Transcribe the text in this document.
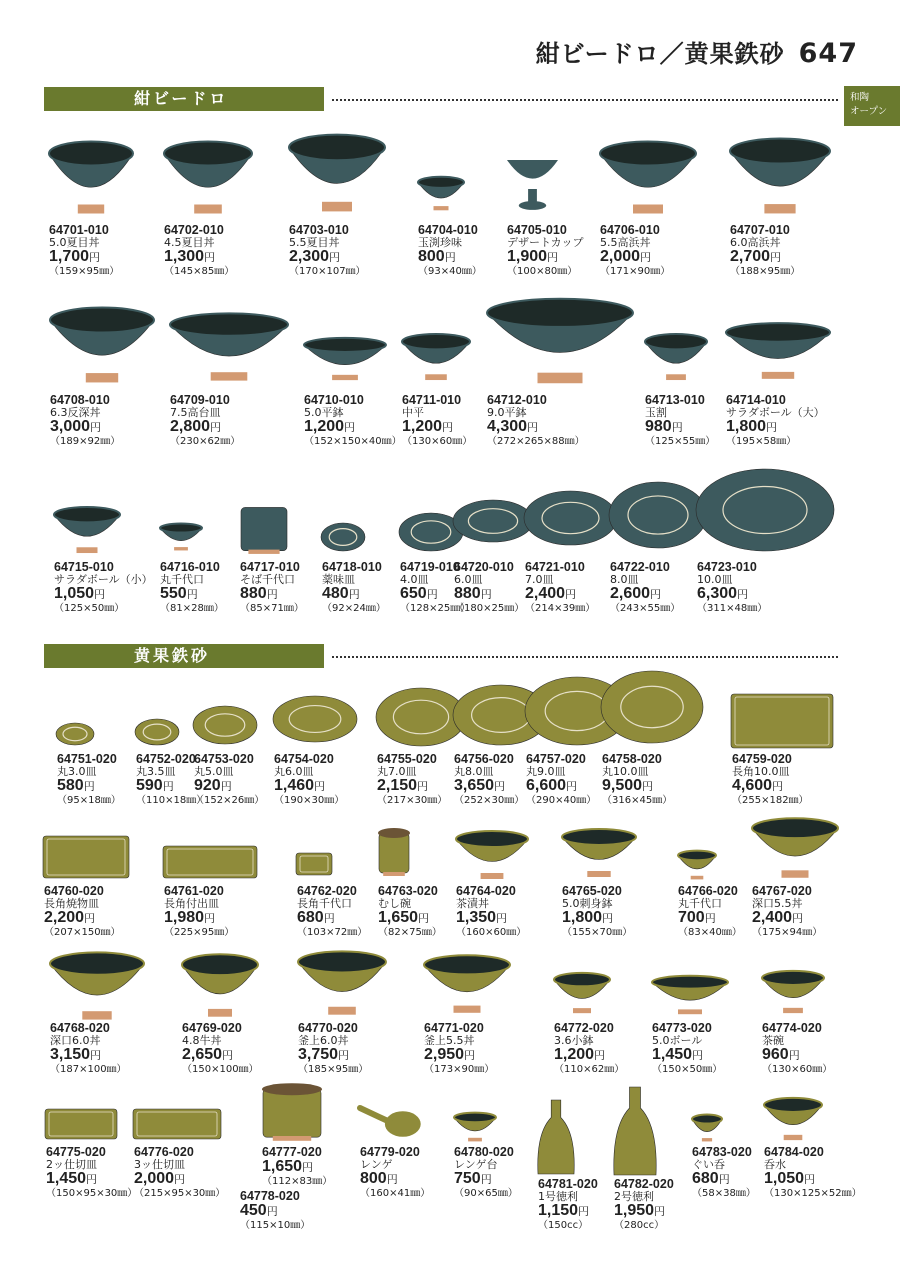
紺ビードロ／黄果鉄砂 647
和陶
オープン
紺ビードロ
黄果鉄砂
64701-010
5.0夏目丼
1,700円
（159×95㎜）
64702-010
4.5夏目丼
1,300円
（145×85㎜）
64703-010
5.5夏目丼
2,300円
（170×107㎜）
64704-010
玉渕珍味
800円
（93×40㎜）
64705-010
デザートカップ
1,900円
（100×80㎜）
64706-010
5.5高浜丼
2,000円
（171×90㎜）
64707-010
6.0高浜丼
2,700円
（188×95㎜）
64708-010
6.3反深丼
3,000円
（189×92㎜）
64709-010
7.5高台皿
2,800円
（230×62㎜）
64710-010
5.0平鉢
1,200円
（152×150×40㎜）
64711-010
中平
1,200円
（130×60㎜）
64712-010
9.0平鉢
4,300円
（272×265×88㎜）
64713-010
玉割
980円
（125×55㎜）
64714-010
サラダボール（大）
1,800円
（195×58㎜）
64715-010
サラダボール（小）
1,050円
（125×50㎜）
64716-010
丸千代口
550円
（81×28㎜）
64717-010
そば千代口
880円
（85×71㎜）
64718-010
薬味皿
480円
（92×24㎜）
64719-010
4.0皿
650円
（128×25㎜）
64720-010
6.0皿
880円
（180×25㎜）
64721-010
7.0皿
2,400円
（214×39㎜）
64722-010
8.0皿
2,600円
（243×55㎜）
64723-010
10.0皿
6,300円
（311×48㎜）
64751-020
丸3.0皿
580円
（95×18㎜）
64752-020
丸3.5皿
590円
（110×18㎜）
64753-020
丸5.0皿
920円
（152×26㎜）
64754-020
丸6.0皿
1,460円
（190×30㎜）
64755-020
丸7.0皿
2,150円
（217×30㎜）
64756-020
丸8.0皿
3,650円
（252×30㎜）
64757-020
丸9.0皿
6,600円
（290×40㎜）
64758-020
丸10.0皿
9,500円
（316×45㎜）
64759-020
長角10.0皿
4,600円
（255×182㎜）
64760-020
長角焼物皿
2,200円
（207×150㎜）
64761-020
長角付出皿
1,980円
（225×95㎜）
64762-020
長角千代口
680円
（103×72㎜）
64763-020
むし碗
1,650円
（82×75㎜）
64764-020
茶漬丼
1,350円
（160×60㎜）
64765-020
5.0刺身鉢
1,800円
（155×70㎜）
64766-020
丸千代口
700円
（83×40㎜）
64767-020
深口5.5丼
2,400円
（175×94㎜）
64768-020
深口6.0丼
3,150円
（187×100㎜）
64769-020
4.8牛丼
2,650円
（150×100㎜）
64770-020
釜上6.0丼
3,750円
（185×95㎜）
64771-020
釜上5.5丼
2,950円
（173×90㎜）
64772-020
3.6小鉢
1,200円
（110×62㎜）
64773-020
5.0ボール
1,450円
（150×50㎜）
64774-020
茶碗
960円
（130×60㎜）
64775-020
2ッ仕切皿
1,450円
（150×95×30㎜）
64776-020
3ッ仕切皿
2,000円
（215×95×30㎜）
64777-020
1,650円
（112×83㎜）
64779-020
レンゲ
800円
（160×41㎜）
64780-020
レンゲ台
750円
（90×65㎜）
64781-020
1号徳利
1,150円
（150cc）
64782-020
2号徳利
1,950円
（280cc）
64783-020
ぐい呑
680円
（58×38㎜）
64784-020
呑水
1,050円
（130×125×52㎜）
64778-020
450円
（115×10㎜）
